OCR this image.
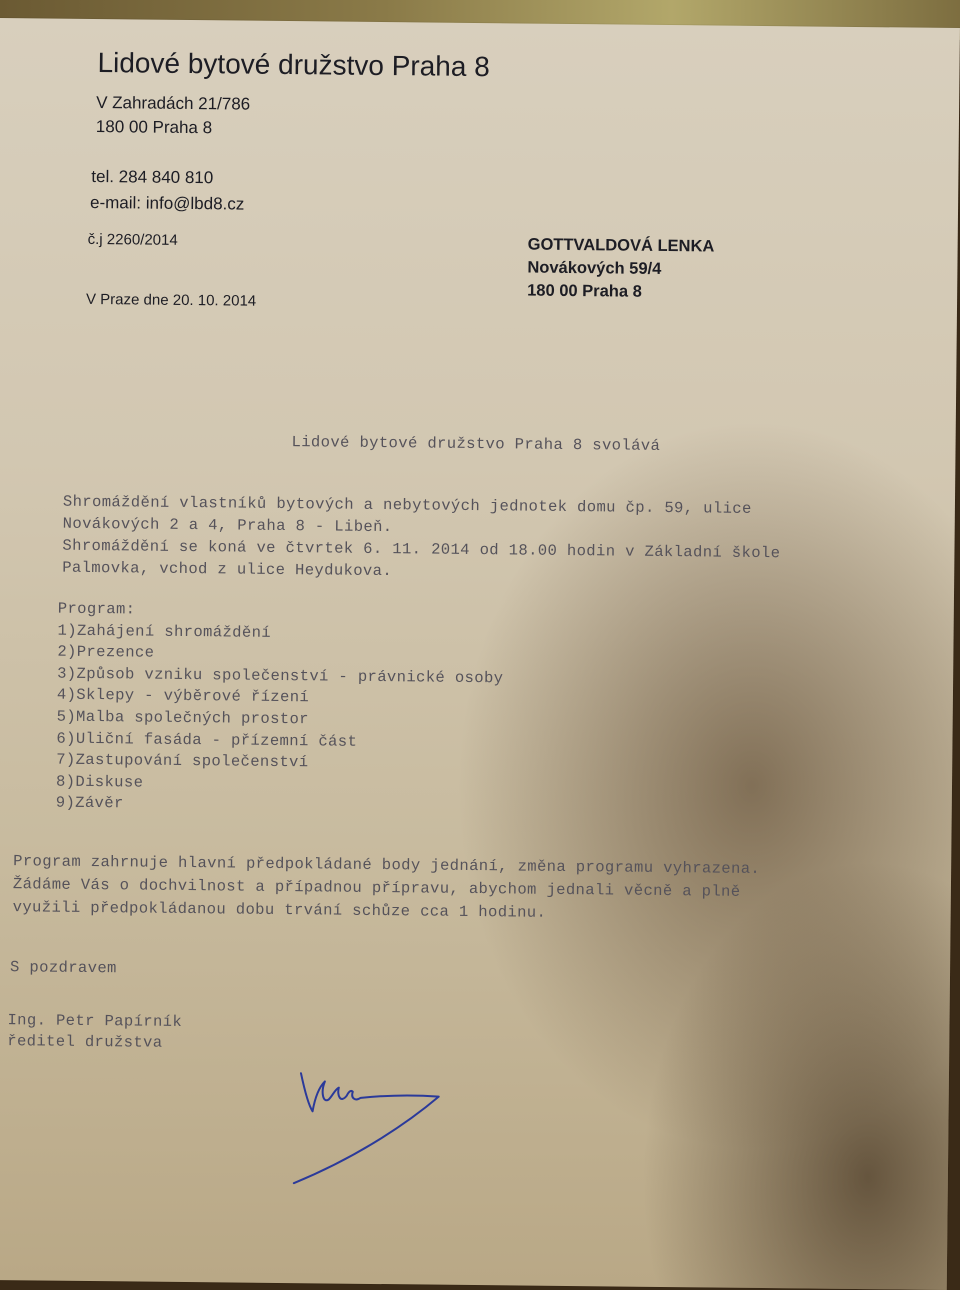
Lidové bytové družstvo Praha 8

V Zahradách 21/786

180 00 Praha 8

tel. 284 840 810

e-mail: info@lbd8.cz

č.j 2260/2014

V Praze dne 20. 10. 2014

GOTTVALDOVÁ LENKA
Novákových 59/4
180 00 Praha 8

Lidové bytové družstvo Praha 8 svolává

Shromáždění vlastníků bytových a nebytových jednotek domu čp. 59, ulice
Novákových 2 a 4, Praha 8 - Libeň.
Shromáždění se koná ve čtvrtek 6. 11. 2014 od 18.00 hodin v Základní škole
Palmovka, vchod z ulice Heydukova.
Program:
1)Zahájení shromáždění
2)Prezence
3)Způsob vzniku společenství - právnické osoby
4)Sklepy - výběrové řízení
5)Malba společných prostor
6)Uliční fasáda - přízemní část
7)Zastupování společenství
8)Diskuse
9)Závěr
Program zahrnuje hlavní předpokládané body jednání, změna programu vyhrazena.
Žádáme Vás o dochvilnost a případnou přípravu, abychom jednali věcně a plně
využili předpokládanou dobu trvání schůze cca 1 hodinu.

S pozdravem

Ing. Petr Papírník
ředitel družstva
